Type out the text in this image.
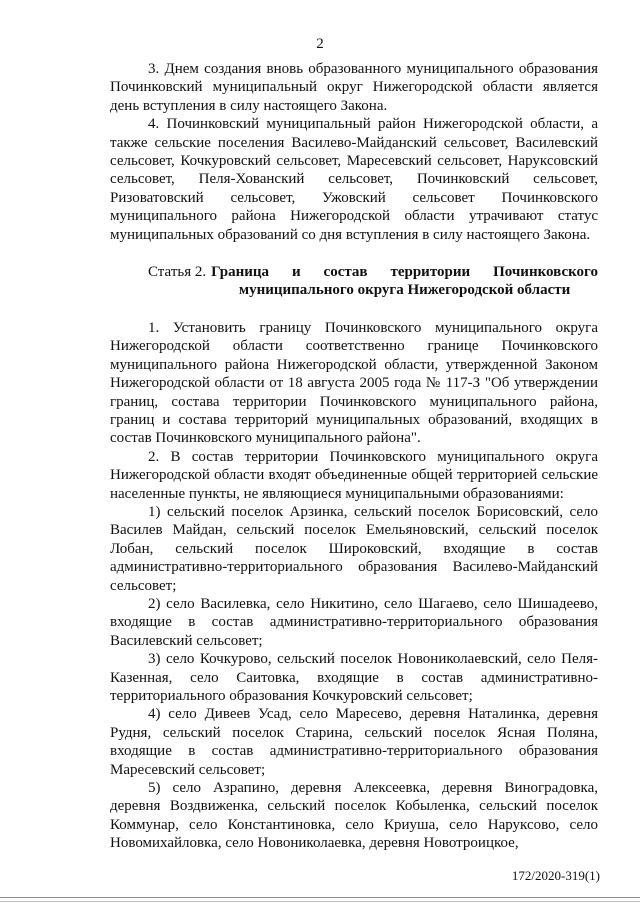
2

3. Днем создания вновь образованного муниципального образования Починковский муниципальный округ Нижегородской области является день вступления в силу настоящего Закона.

4. Починковский муниципальный район Нижегородской области, а также сельские поселения Василево-Майданский сельсовет, Василевский сельсовет, Кочкуровский сельсовет, Маресевский сельсовет, Наруксовский сельсовет, Пеля-Хованский сельсовет, Починковский сельсовет, Ризоватовский сельсовет, Ужовский сельсовет Починковского муниципального района Нижегородской области утрачивают статус муниципальных образований со дня вступления в силу настоящего Закона.

Статья 2. Граница и состав территории Починковского муниципального округа Нижегородской области

1. Установить границу Починковского муниципального округа Нижегородской области соответственно границе Починковского муниципального района Нижегородской области, утвержденной Законом Нижегородской области от 18 августа 2005 года № 117-З "Об утверждении границ, состава территории Починковского муниципального района, границ и состава территорий муниципальных образований, входящих в состав Починковского муниципального района".

2. В состав территории Починковского муниципального округа Нижегородской области входят объединенные общей территорией сельские населенные пункты, не являющиеся муниципальными образованиями:

1) сельский поселок Арзинка, сельский поселок Борисовский, село Василев Майдан, сельский поселок Емельяновский, сельский поселок Лобан, сельский поселок Широковский, входящие в состав административно-территориального образования Василево-Майданский сельсовет;

2) село Василевка, село Никитино, село Шагаево, село Шишадеево, входящие в состав административно-территориального образования Василевский сельсовет;

3) село Кочкурово, сельский поселок Новониколаевский, село Пеля-Казенная, село Саитовка, входящие в состав административно-территориального образования Кочкуровский сельсовет;

4) село Дивеев Усад, село Маресево, деревня Наталинка, деревня Рудня, сельский поселок Старина, сельский поселок Ясная Поляна, входящие в состав административно-территориального образования Маресевский сельсовет;

5) село Азрапино, деревня Алексеевка, деревня Виноградовка, деревня Воздвиженка, сельский поселок Кобыленка, сельский поселок Коммунар, село Константиновка, село Криуша, село Наруксово, село Новомихайловка, село Новониколаевка, деревня Новотроицкое,

172/2020-319(1)
